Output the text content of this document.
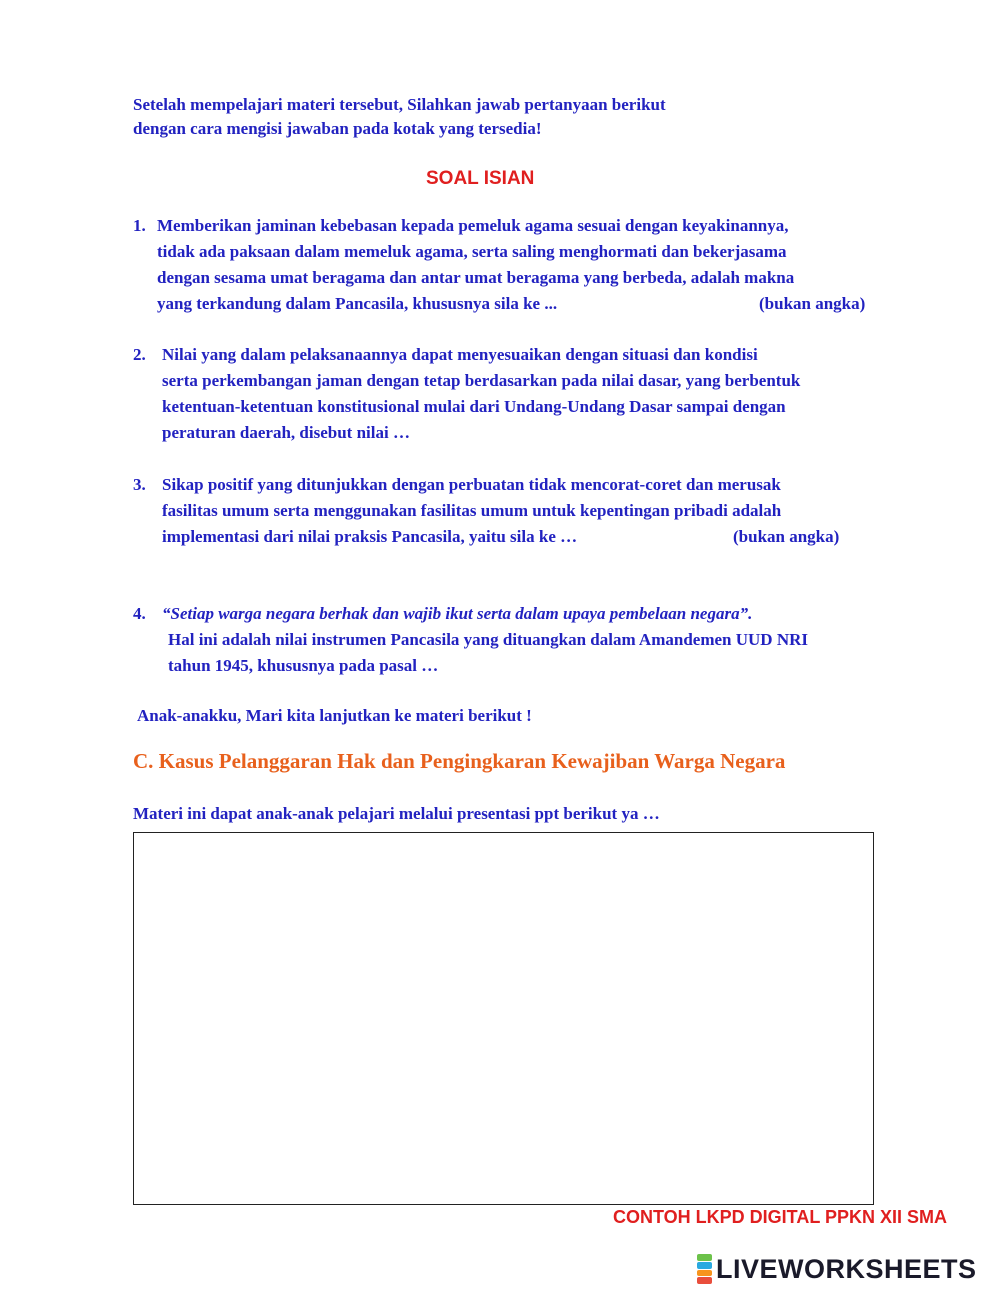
Setelah mempelajari materi tersebut, Silahkan jawab pertanyaan berikut
dengan cara mengisi jawaban pada kotak yang tersedia!
SOAL ISIAN
1. Memberikan jaminan kebebasan kepada pemeluk agama sesuai dengan keyakinannya,
tidak ada paksaan dalam memeluk agama, serta saling menghormati dan bekerjasama
dengan sesama umat beragama dan antar umat beragama yang berbeda, adalah makna
yang terkandung dalam Pancasila, khususnya sila ke ...	(bukan angka)
2. Nilai yang dalam pelaksanaannya dapat menyesuaikan dengan situasi dan kondisi
serta perkembangan jaman dengan tetap berdasarkan pada nilai dasar, yang berbentuk
ketentuan-ketentuan konstitusional mulai dari Undang-Undang Dasar sampai dengan
peraturan daerah, disebut nilai …
3. Sikap positif yang ditunjukkan dengan perbuatan tidak mencorat-coret dan merusak
fasilitas umum serta menggunakan fasilitas umum untuk kepentingan pribadi adalah
implementasi dari nilai praksis Pancasila, yaitu sila ke …	(bukan angka)
4. “Setiap warga negara berhak dan wajib ikut serta dalam upaya pembelaan negara”.
Hal ini adalah nilai instrumen Pancasila yang dituangkan dalam Amandemen UUD NRI
tahun 1945, khususnya pada pasal …
Anak-anakku, Mari kita lanjutkan ke materi berikut !
C. Kasus Pelanggaran Hak dan Pengingkaran Kewajiban Warga Negara
Materi ini dapat anak-anak pelajari melalui presentasi ppt berikut ya …
CONTOH LKPD DIGITAL PPKN XII SMA
LIVEWORKSHEETS
